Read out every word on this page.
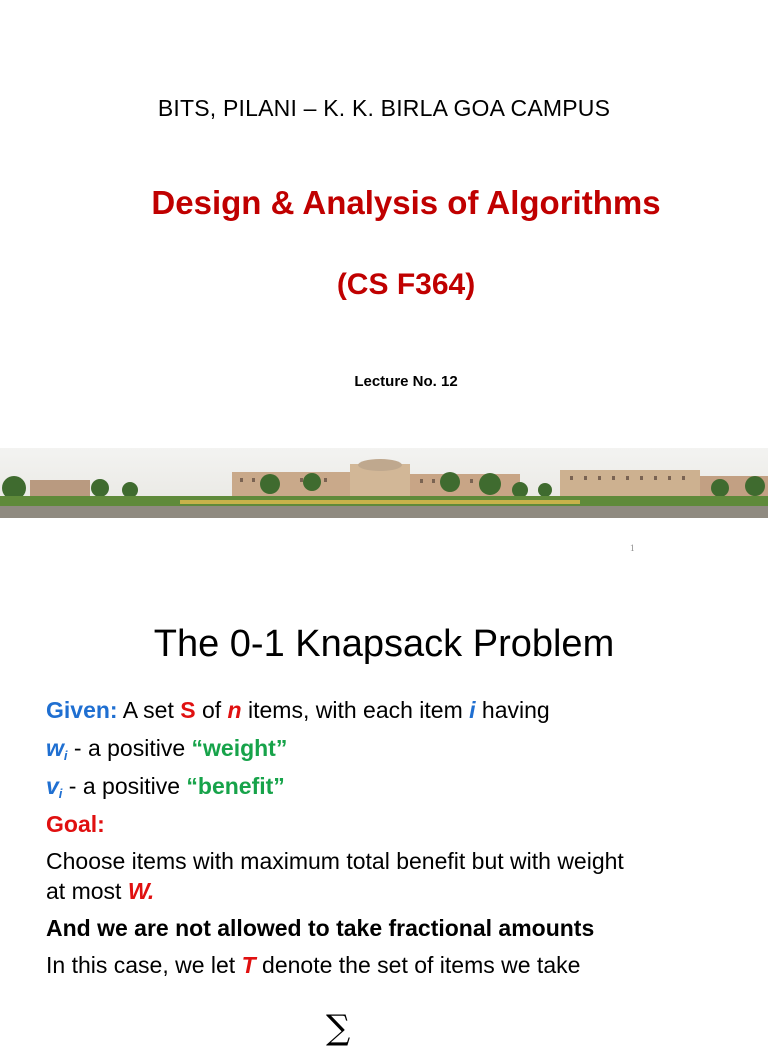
BITS, PILANI – K. K. BIRLA GOA CAMPUS
Design & Analysis of Algorithms
(CS F364)
Lecture No. 12
1
The 0-1 Knapsack Problem
Given: A set S of n items, with each item i having
$w_i$ - a positive “weight”
$v_i$ - a positive “benefit”
Goal:
Choose items with maximum total benefit but with weight
at most W.
And we are not allowed to take fractional amounts
In this case, we let T denote the set of items we take
∑
